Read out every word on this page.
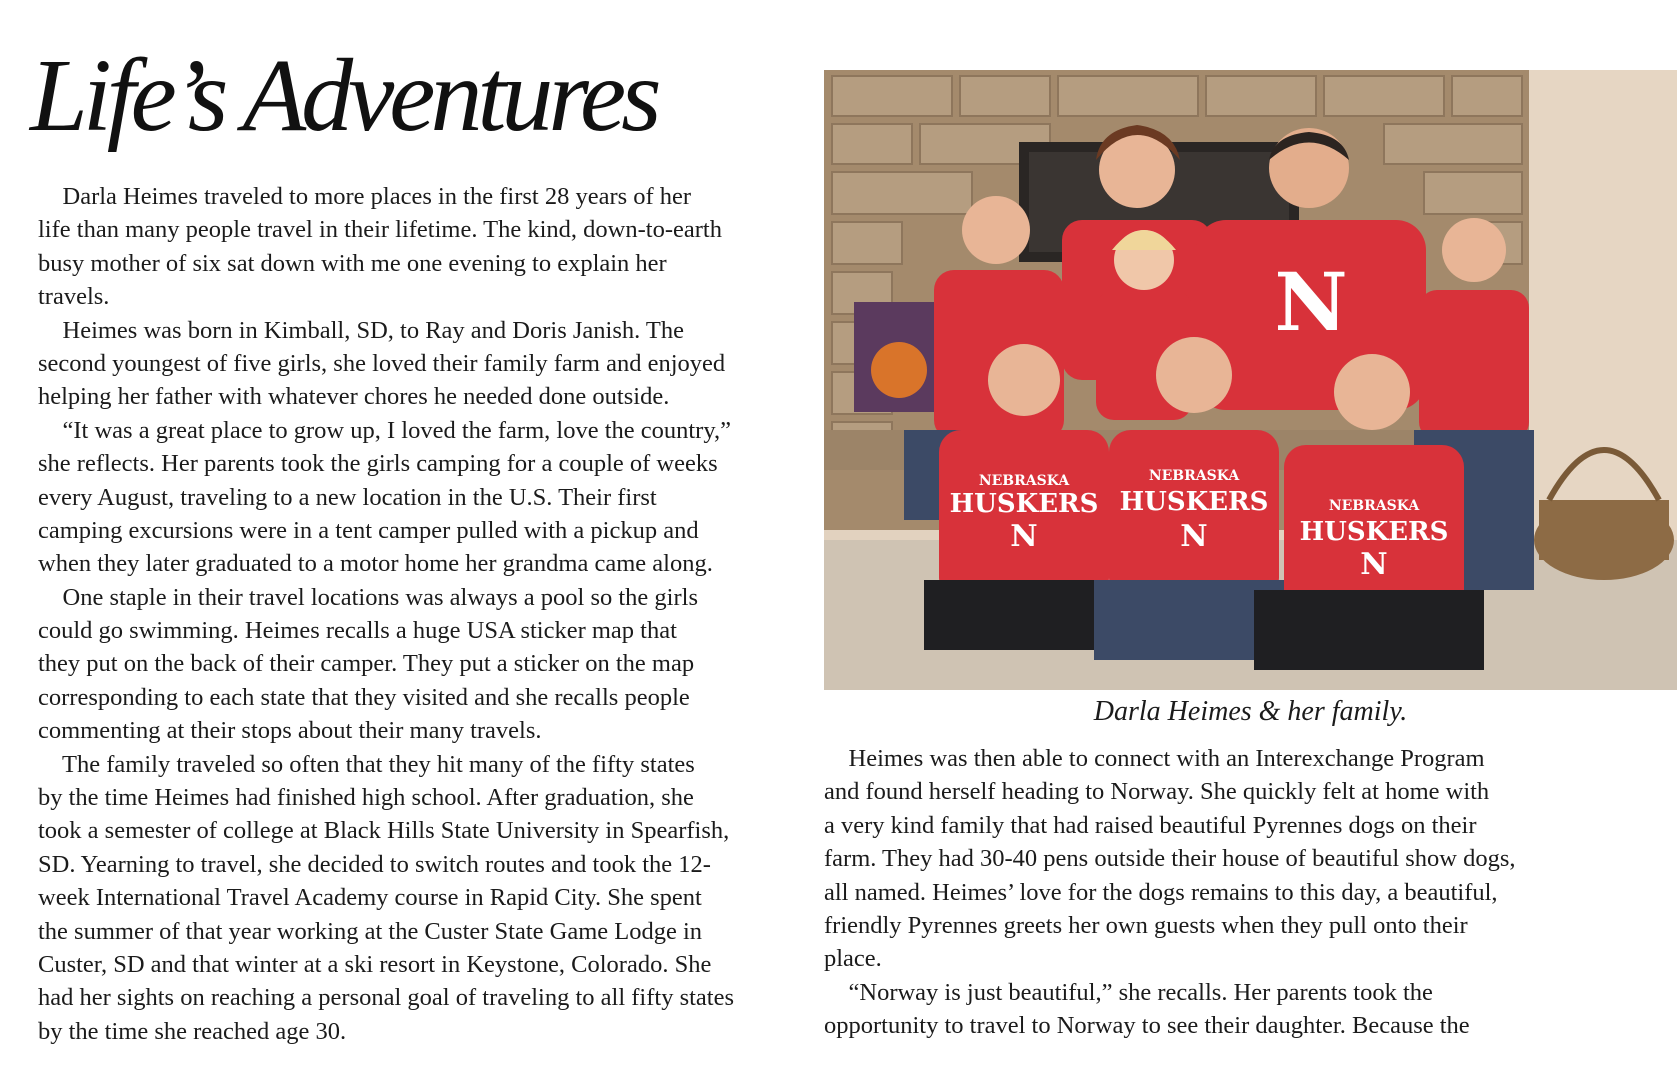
Life’s Adventures
Darla Heimes traveled to more places in the first 28 years of her
life than many people travel in their lifetime. The kind, down-to-earth
busy mother of six sat down with me one evening to explain her
travels.
Heimes was born in Kimball, SD, to Ray and Doris Janish. The
second youngest of five girls, she loved their family farm and enjoyed
helping her father with whatever chores he needed done outside.
“It was a great place to grow up, I loved the farm, love the country,”
she reflects. Her parents took the girls camping for a couple of weeks
every August, traveling to a new location in the U.S. Their first
camping excursions were in a tent camper pulled with a pickup and
when they later graduated to a motor home her grandma came along.
One staple in their travel locations was always a pool so the girls
could go swimming. Heimes recalls a huge USA sticker map that
they put on the back of their camper. They put a sticker on the map
corresponding to each state that they visited and she recalls people
commenting at their stops about their many travels.
The family traveled so often that they hit many of the fifty states
by the time Heimes had finished high school. After graduation, she
took a semester of college at Black Hills State University in Spearfish,
SD. Yearning to travel, she decided to switch routes and took the 12-
week International Travel Academy course in Rapid City. She spent
the summer of that year working at the Custer State Game Lodge in
Custer, SD and that winter at a ski resort in Keystone, Colorado. She
had her sights on reaching a personal goal of traveling to all fifty states
by the time she reached age 30.
N
NEBRASKA
HUSKERS
N
NEBRASKA
HUSKERS
N
NEBRASKA
HUSKERS
N

Darla Heimes & her family.

Heimes was then able to connect with an Interexchange Program
and found herself heading to Norway. She quickly felt at home with
a very kind family that had raised beautiful Pyrennes dogs on their
farm. They had 30-40 pens outside their house of beautiful show dogs,
all named. Heimes’ love for the dogs remains to this day, a beautiful,
friendly Pyrennes greets her own guests when they pull onto their
place.
“Norway is just beautiful,” she recalls. Her parents took the
opportunity to travel to Norway to see their daughter. Because the
